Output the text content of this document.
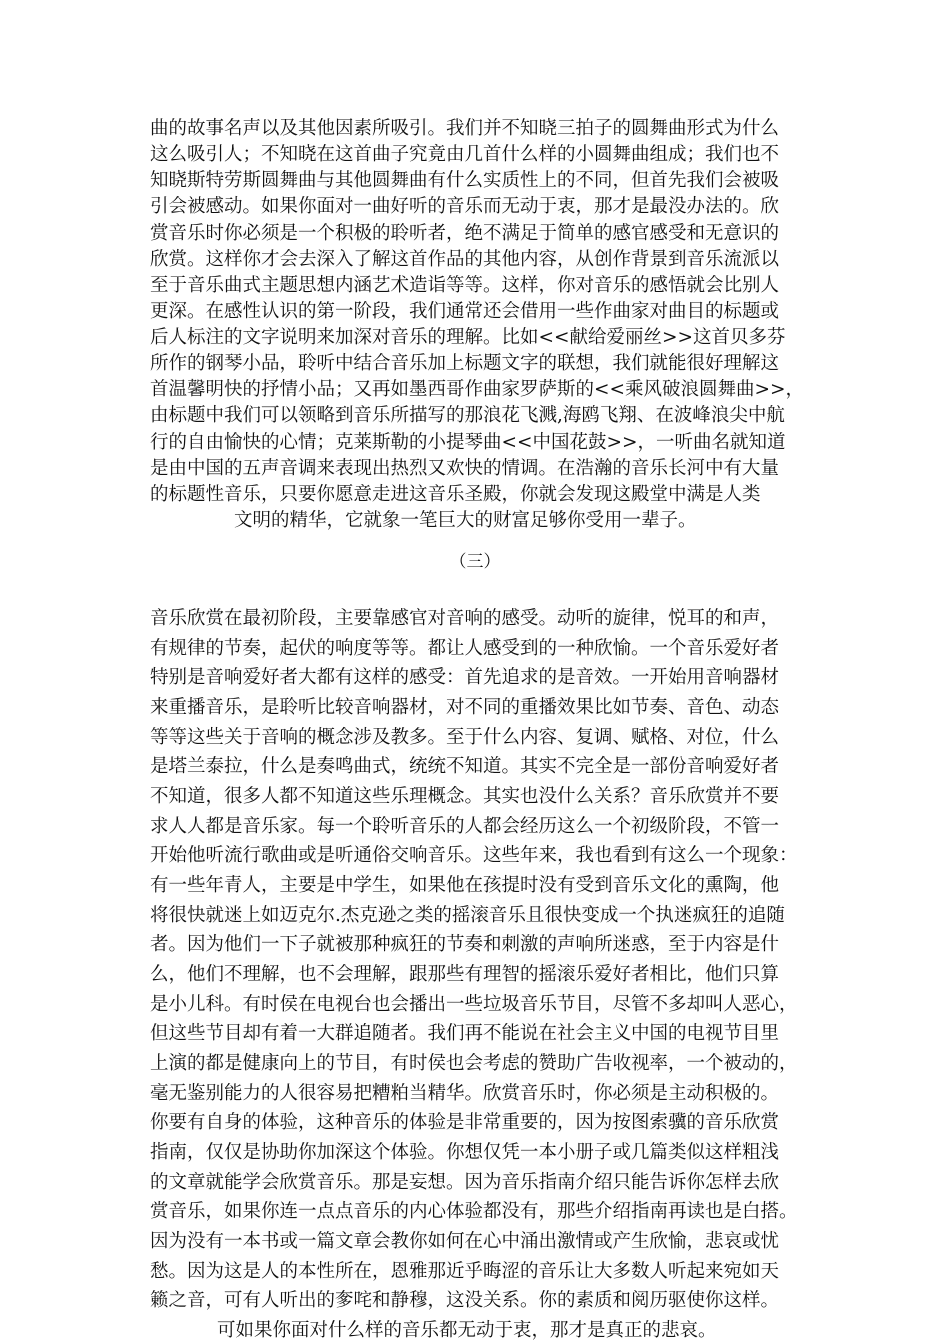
曲的故事名声以及其他因素所吸引。我们并不知晓三拍子的圆舞曲形式为什么
这么吸引人；不知晓在这首曲子究竟由几首什么样的小圆舞曲组成；我们也不
知晓斯特劳斯圆舞曲与其他圆舞曲有什么实质性上的不同，但首先我们会被吸
引会被感动。如果你面对一曲好听的音乐而无动于衷，那才是最没办法的。欣
赏音乐时你必须是一个积极的聆听者，绝不满足于简单的感官感受和无意识的
欣赏。这样你才会去深入了解这首作品的其他内容，从创作背景到音乐流派以
至于音乐曲式主题思想内涵艺术造诣等等。这样，你对音乐的感悟就会比别人
更深。在感性认识的第一阶段，我们通常还会借用一些作曲家对曲目的标题或
后人标注的文字说明来加深对音乐的理解。比如<<献给爱丽丝>>这首贝多芬
所作的钢琴小品，聆听中结合音乐加上标题文字的联想，我们就能很好理解这
首温馨明快的抒情小品；又再如墨西哥作曲家罗萨斯的<<乘风破浪圆舞曲>>，
由标题中我们可以领略到音乐所描写的那浪花飞溅,海鸥飞翔、在波峰浪尖中航
行的自由愉快的心情；克莱斯勒的小提琴曲<<中国花鼓>>，一听曲名就知道
是由中国的五声音调来表现出热烈又欢快的情调。在浩瀚的音乐长河中有大量
的标题性音乐，只要你愿意走进这音乐圣殿，你就会发现这殿堂中满是人类
文明的精华，它就象一笔巨大的财富足够你受用一辈子。
（三）
音乐欣赏在最初阶段，主要靠感官对音响的感受。动听的旋律，悦耳的和声，
有规律的节奏，起伏的响度等等。都让人感受到的一种欣愉。一个音乐爱好者
特别是音响爱好者大都有这样的感受：首先追求的是音效。一开始用音响器材
来重播音乐，是聆听比较音响器材，对不同的重播效果比如节奏、音色、动态
等等这些关于音响的概念涉及教多。至于什么内容、复调、赋格、对位，什么
是塔兰泰拉，什么是奏鸣曲式，统统不知道。其实不完全是一部份音响爱好者
不知道，很多人都不知道这些乐理概念。其实也没什么关系？音乐欣赏并不要
求人人都是音乐家。每一个聆听音乐的人都会经历这么一个初级阶段，不管一
开始他听流行歌曲或是听通俗交响音乐。这些年来，我也看到有这么一个现象：
有一些年青人，主要是中学生，如果他在孩提时没有受到音乐文化的熏陶，他
将很快就迷上如迈克尔.杰克逊之类的摇滚音乐且很快变成一个执迷疯狂的追随
者。因为他们一下子就被那种疯狂的节奏和刺激的声响所迷惑，至于内容是什
么，他们不理解，也不会理解，跟那些有理智的摇滚乐爱好者相比，他们只算
是小儿科。有时侯在电视台也会播出一些垃圾音乐节目，尽管不多却叫人恶心，
但这些节目却有着一大群追随者。我们再不能说在社会主义中国的电视节目里
上演的都是健康向上的节目，有时侯也会考虑的赞助广告收视率，一个被动的，
毫无鉴别能力的人很容易把糟粕当精华。欣赏音乐时，你必须是主动积极的。
你要有自身的体验，这种音乐的体验是非常重要的，因为按图索骥的音乐欣赏
指南，仅仅是协助你加深这个体验。你想仅凭一本小册子或几篇类似这样粗浅
的文章就能学会欣赏音乐。那是妄想。因为音乐指南介绍只能告诉你怎样去欣
赏音乐，如果你连一点点音乐的内心体验都没有，那些介绍指南再读也是白搭。
因为没有一本书或一篇文章会教你如何在心中涌出激情或产生欣愉，悲哀或忧
愁。因为这是人的本性所在，恩雅那近乎晦涩的音乐让大多数人听起来宛如天
籁之音，可有人听出的奓咤和静穆，这没关系。你的素质和阅历驱使你这样。
可如果你面对什么样的音乐都无动于衷，那才是真正的悲哀。
